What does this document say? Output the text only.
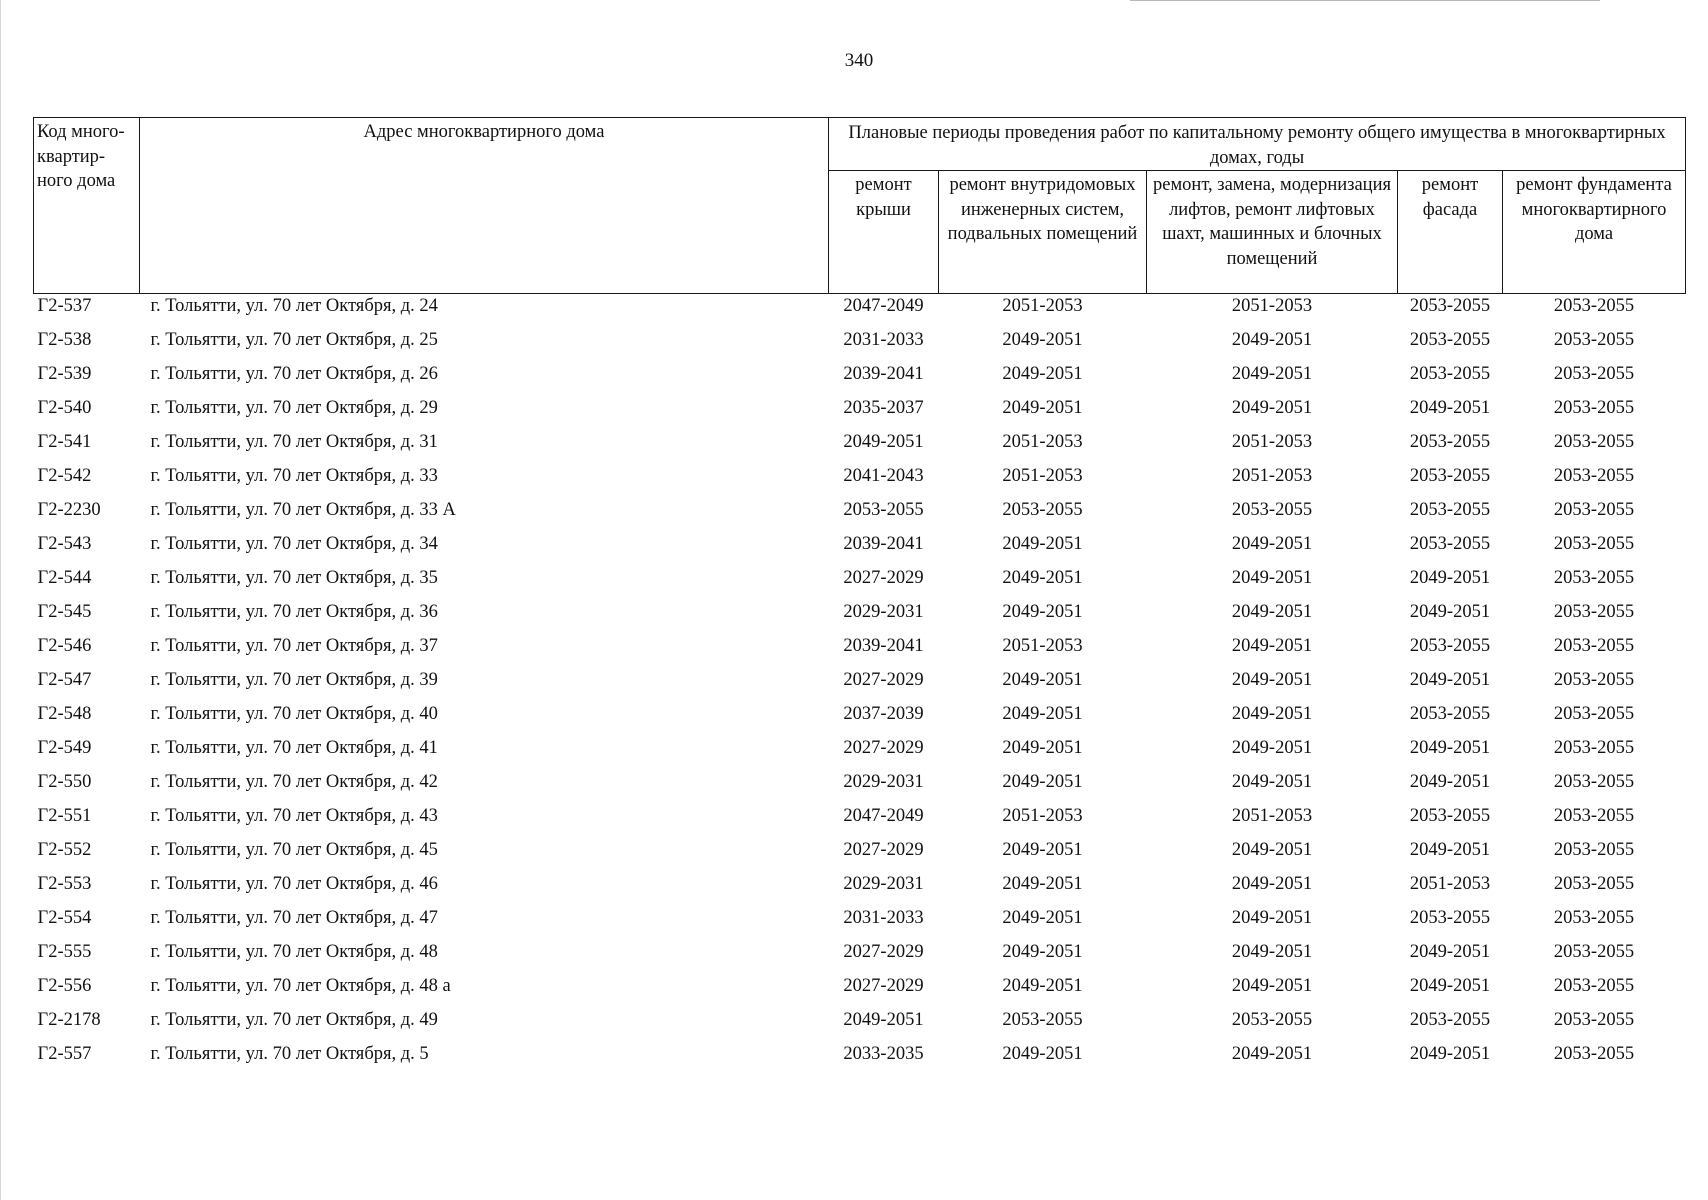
340
Код много- квартир- ного дома	Адрес многоквартирного дома	Плановые периоды проведения работ по капитальному ремонту общего имущества в многоквартирных домах, годы				
		ремонт крыши	ремонт внутридомовых инженерных систем, подвальных помещений	ремонт, замена, модернизация лифтов, ремонт лифтовых шахт, машинных и блочных помещений	ремонт фасада	ремонт фундамента многоквартирного дома
Г2-537	г. Тольятти, ул. 70 лет Октября, д. 24	2047-2049	2051-2053	2051-2053	2053-2055	2053-2055
Г2-538	г. Тольятти, ул. 70 лет Октября, д. 25	2031-2033	2049-2051	2049-2051	2053-2055	2053-2055
Г2-539	г. Тольятти, ул. 70 лет Октября, д. 26	2039-2041	2049-2051	2049-2051	2053-2055	2053-2055
Г2-540	г. Тольятти, ул. 70 лет Октября, д. 29	2035-2037	2049-2051	2049-2051	2049-2051	2053-2055
Г2-541	г. Тольятти, ул. 70 лет Октября, д. 31	2049-2051	2051-2053	2051-2053	2053-2055	2053-2055
Г2-542	г. Тольятти, ул. 70 лет Октября, д. 33	2041-2043	2051-2053	2051-2053	2053-2055	2053-2055
Г2-2230	г. Тольятти, ул. 70 лет Октября, д. 33 А	2053-2055	2053-2055	2053-2055	2053-2055	2053-2055
Г2-543	г. Тольятти, ул. 70 лет Октября, д. 34	2039-2041	2049-2051	2049-2051	2053-2055	2053-2055
Г2-544	г. Тольятти, ул. 70 лет Октября, д. 35	2027-2029	2049-2051	2049-2051	2049-2051	2053-2055
Г2-545	г. Тольятти, ул. 70 лет Октября, д. 36	2029-2031	2049-2051	2049-2051	2049-2051	2053-2055
Г2-546	г. Тольятти, ул. 70 лет Октября, д. 37	2039-2041	2051-2053	2049-2051	2053-2055	2053-2055
Г2-547	г. Тольятти, ул. 70 лет Октября, д. 39	2027-2029	2049-2051	2049-2051	2049-2051	2053-2055
Г2-548	г. Тольятти, ул. 70 лет Октября, д. 40	2037-2039	2049-2051	2049-2051	2053-2055	2053-2055
Г2-549	г. Тольятти, ул. 70 лет Октября, д. 41	2027-2029	2049-2051	2049-2051	2049-2051	2053-2055
Г2-550	г. Тольятти, ул. 70 лет Октября, д. 42	2029-2031	2049-2051	2049-2051	2049-2051	2053-2055
Г2-551	г. Тольятти, ул. 70 лет Октября, д. 43	2047-2049	2051-2053	2051-2053	2053-2055	2053-2055
Г2-552	г. Тольятти, ул. 70 лет Октября, д. 45	2027-2029	2049-2051	2049-2051	2049-2051	2053-2055
Г2-553	г. Тольятти, ул. 70 лет Октября, д. 46	2029-2031	2049-2051	2049-2051	2051-2053	2053-2055
Г2-554	г. Тольятти, ул. 70 лет Октября, д. 47	2031-2033	2049-2051	2049-2051	2053-2055	2053-2055
Г2-555	г. Тольятти, ул. 70 лет Октября, д. 48	2027-2029	2049-2051	2049-2051	2049-2051	2053-2055
Г2-556	г. Тольятти, ул. 70 лет Октября, д. 48 а	2027-2029	2049-2051	2049-2051	2049-2051	2053-2055
Г2-2178	г. Тольятти, ул. 70 лет Октября, д. 49	2049-2051	2053-2055	2053-2055	2053-2055	2053-2055
Г2-557	г. Тольятти, ул. 70 лет Октября, д. 5	2033-2035	2049-2051	2049-2051	2049-2051	2053-2055
